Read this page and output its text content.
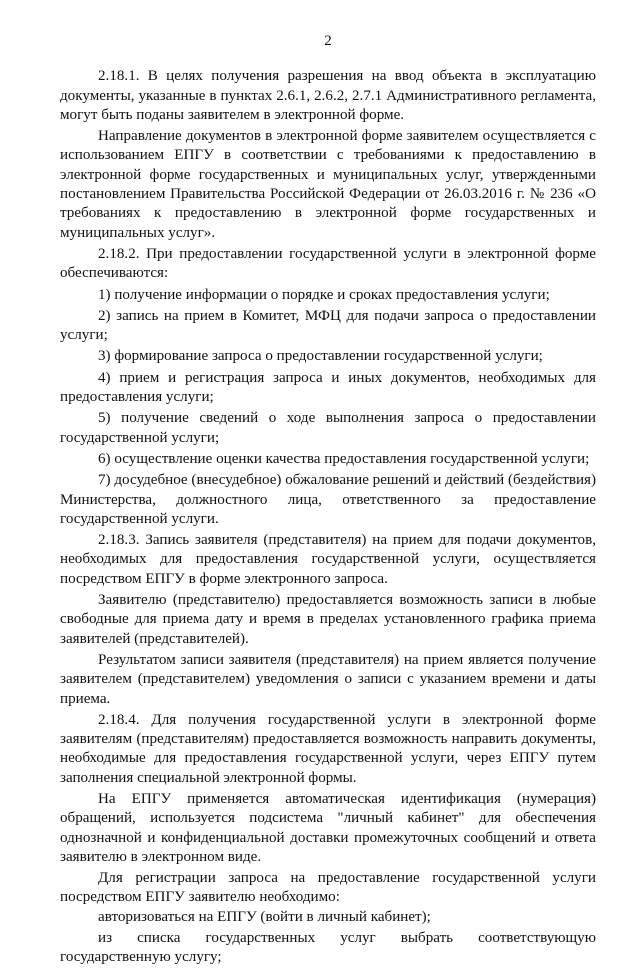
2

2.18.1. В целях получения разрешения на ввод объекта в эксплуатацию документы, указанные в пунктах 2.6.1, 2.6.2, 2.7.1 Административного регламента, могут быть поданы заявителем в электронной форме.

Направление документов в электронной форме заявителем осуществляется с использованием ЕПГУ в соответствии с требованиями к предоставлению в электронной форме государственных и муниципальных услуг, утвержденными постановлением Правительства Российской Федерации от 26.03.2016 г. № 236 «О требованиях к предоставлению в электронной форме государственных и муниципальных услуг».

2.18.2. При предоставлении государственной услуги в электронной форме обеспечиваются:

1) получение информации о порядке и сроках предоставления услуги;

2) запись на прием в Комитет, МФЦ для подачи запроса о предоставлении услуги;

3) формирование запроса о предоставлении государственной услуги;

4) прием и регистрация запроса и иных документов, необходимых для предоставления услуги;

5) получение сведений о ходе выполнения запроса о предоставлении государственной услуги;

6) осуществление оценки качества предоставления государственной услуги;

7) досудебное (внесудебное) обжалование решений и действий (бездействия) Министерства, должностного лица, ответственного за предоставление государственной услуги.

2.18.3. Запись заявителя (представителя) на прием для подачи документов, необходимых для предоставления государственной услуги, осуществляется посредством ЕПГУ в форме электронного запроса.

Заявителю (представителю) предоставляется возможность записи в любые свободные для приема дату и время в пределах установленного графика приема заявителей (представителей).

Результатом записи заявителя (представителя) на прием является получение заявителем (представителем) уведомления о записи с указанием времени и даты приема.

2.18.4. Для получения государственной услуги в электронной форме заявителям (представителям) предоставляется возможность направить документы, необходимые для предоставления государственной услуги, через ЕПГУ путем заполнения специальной электронной формы.

На ЕПГУ применяется автоматическая идентификация (нумерация) обращений, используется подсистема "личный кабинет" для обеспечения однозначной и конфиденциальной доставки промежуточных сообщений и ответа заявителю в электронном виде.

Для регистрации запроса на предоставление государственной услуги посредством ЕПГУ заявителю необходимо:

авторизоваться на ЕПГУ (войти в личный кабинет);

из списка государственных услуг выбрать соответствующую государственную услугу;
